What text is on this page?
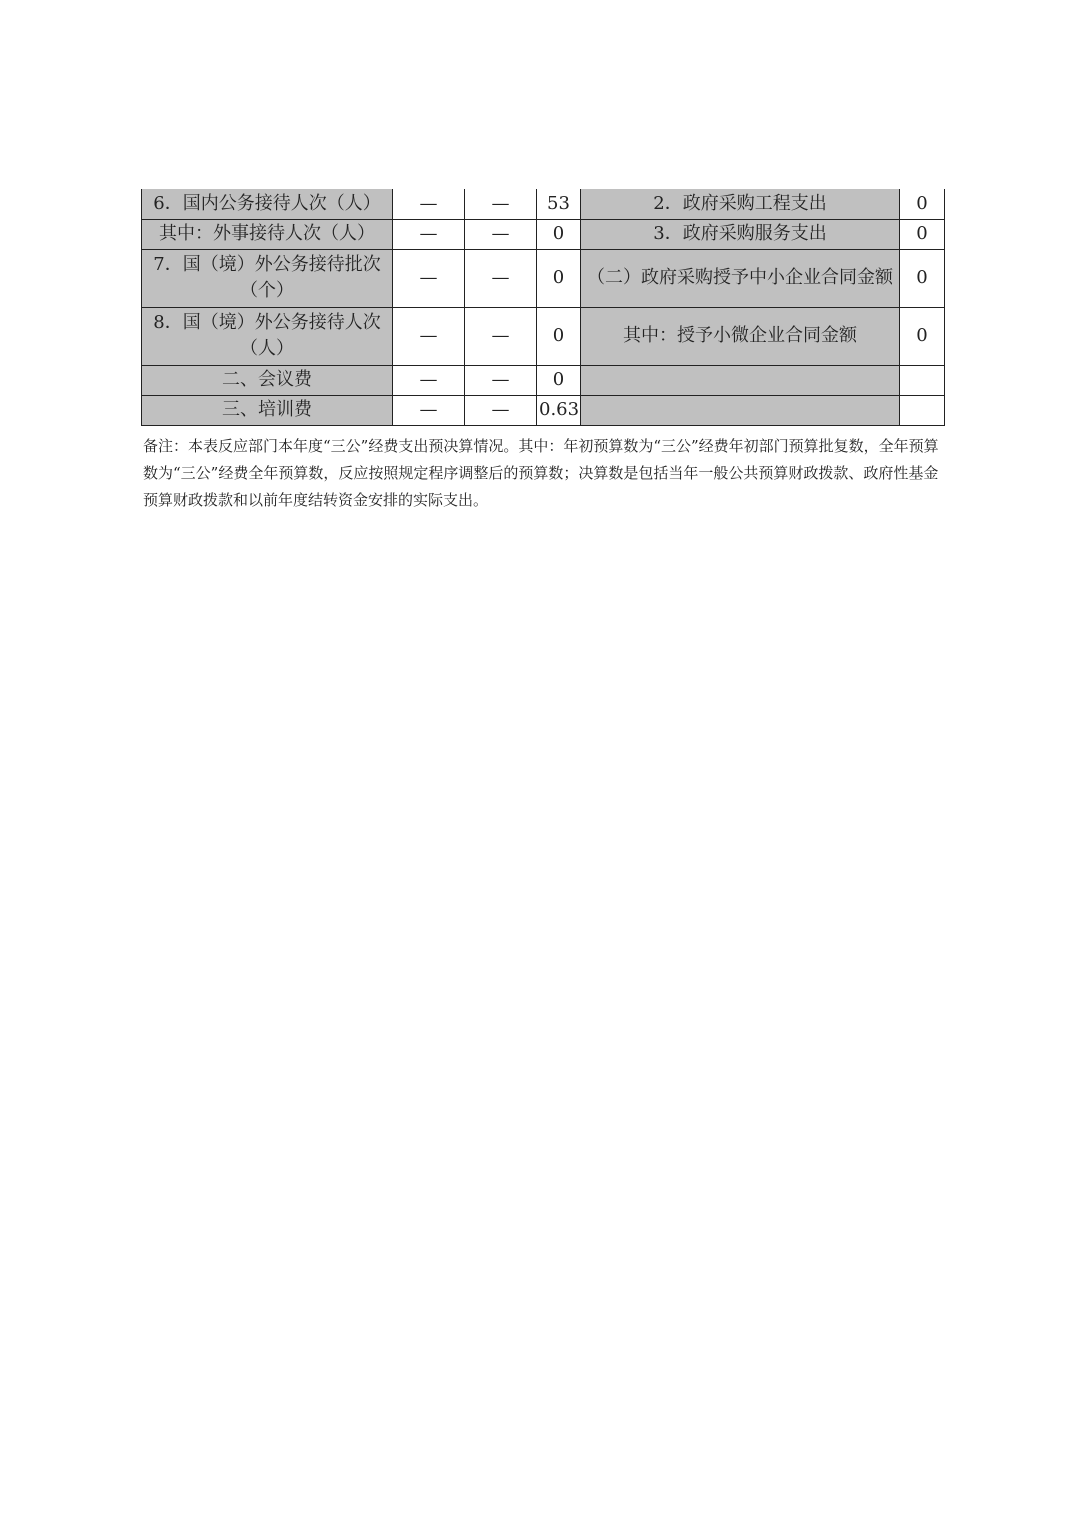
6．国内公务接待人次（人）	—	—	53	2．政府采购工程支出	0
其中：外事接待人次（人）	—	—	0	3．政府采购服务支出	0
7．国（境）外公务接待批次（个）	—	—	0	（二）政府采购授予中小企业合同金额	0
8．国（境）外公务接待人次（人）	—	—	0	其中：授予小微企业合同金额	0
二、会议费	—	—	0		
三、培训费	—	—	0.63		

备注：本表反应部门本年度“三公”经费支出预决算情况。其中：年初预算数为“三公”经费年初部门预算批复数，全年预算数为“三公”经费全年预算数，反应按照规定程序调整后的预算数；决算数是包括当年一般公共预算财政拨款、政府性基金预算财政拨款和以前年度结转资金安排的实际支出。
